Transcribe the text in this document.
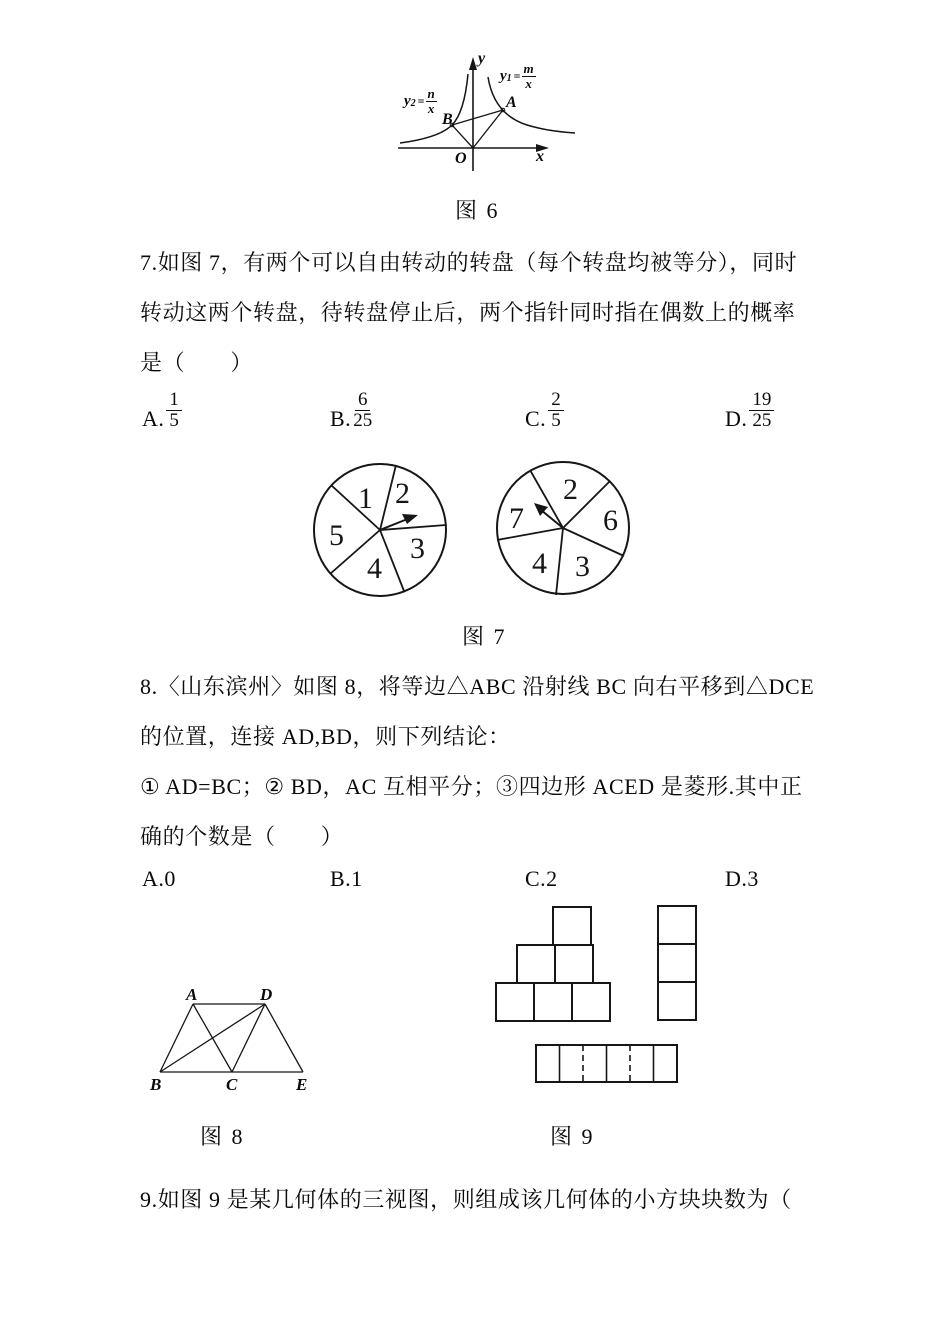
y
x
O
A
B
$y_2 = \frac{n}{x}$
$y_1 = \frac{m}{x}$
图 6
7.如图 7，有两个可以自由转动的转盘（每个转盘均被等分），同时
转动这两个转盘，待转盘停止后，两个指针同时指在偶数上的概率
是（　　）
A. $\frac{1}{5}$	B. $\frac{6}{25}$	C. $\frac{2}{5}$	D. $\frac{19}{25}$
1 2
3
4
5
2
6
3
4
7
图 7
8.〈山东滨州〉如图 8，将等边△ABC 沿射线 BC 向右平移到△DCE
的位置，连接 AD,BD，则下列结论：
① AD=BC；② BD，AC 互相平分；③四边形 ACED 是菱形.其中正
确的个数是（　　）
A.0	B.1	C.2	D.3
A	D
B	C	E
图 8	图 9
9.如图 9 是某几何体的三视图，则组成该几何体的小方块块数为（
